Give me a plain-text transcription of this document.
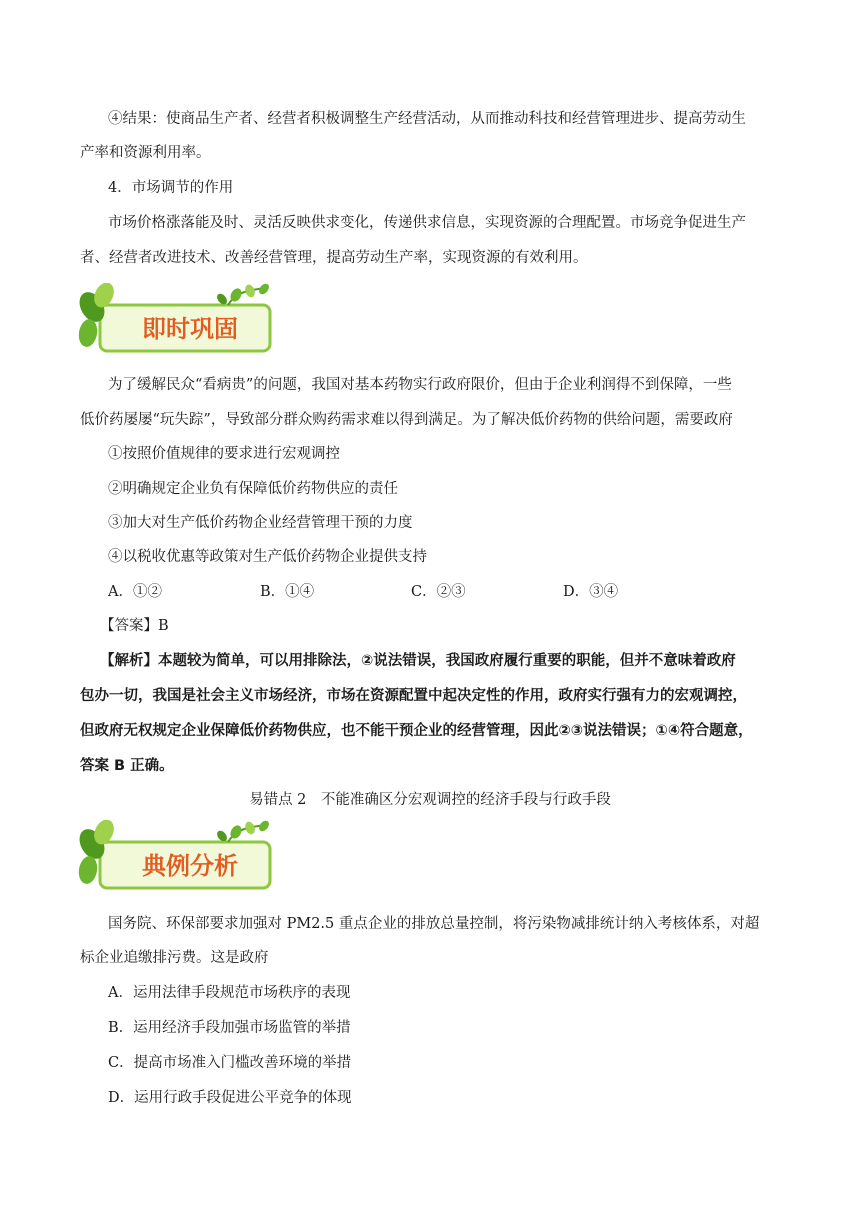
④结果：使商品生产者、经营者积极调整生产经营活动，从而推动科技和经营管理进步、提高劳动生
产率和资源利用率。
4．市场调节的作用
市场价格涨落能及时、灵活反映供求变化，传递供求信息，实现资源的合理配置。市场竞争促进生产
者、经营者改进技术、改善经营管理，提高劳动生产率，实现资源的有效利用。
即时巩固
为了缓解民众“看病贵”的问题，我国对基本药物实行政府限价，但由于企业利润得不到保障，一些
低价药屡屡“玩失踪”，导致部分群众购药需求难以得到满足。为了解决低价药物的供给问题，需要政府
①按照价值规律的要求进行宏观调控
②明确规定企业负有保障低价药物供应的责任
③加大对生产低价药物企业经营管理干预的力度
④以税收优惠等政策对生产低价药物企业提供支持
A．①②	B．①④	C．②③	D．③④
【答案】B
【解析】本题较为简单，可以用排除法，②说法错误，我国政府履行重要的职能，但并不意味着政府
包办一切，我国是社会主义市场经济，市场在资源配置中起决定性的作用，政府实行强有力的宏观调控，
但政府无权规定企业保障低价药物供应，也不能干预企业的经营管理，因此②③说法错误；①④符合题意，
答案 B 正确。
易错点 2　不能准确区分宏观调控的经济手段与行政手段
典例分析
国务院、环保部要求加强对 PM2.5 重点企业的排放总量控制，将污染物减排统计纳入考核体系，对超
标企业追缴排污费。这是政府
A．运用法律手段规范市场秩序的表现
B．运用经济手段加强市场监管的举措
C．提高市场准入门槛改善环境的举措
D．运用行政手段促进公平竞争的体现
